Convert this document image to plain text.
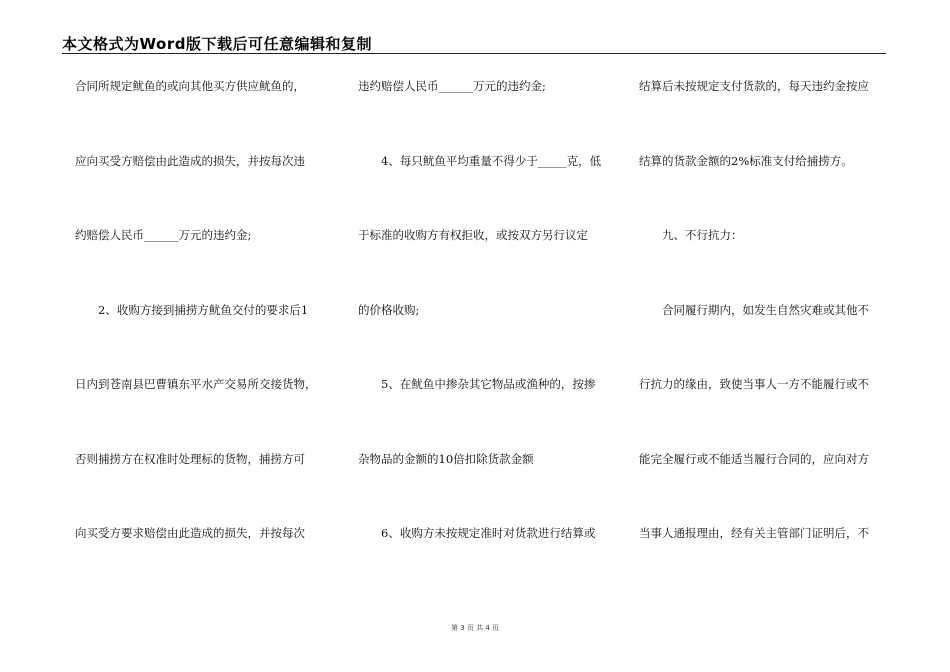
本文格式为Word版下载后可任意编辑和复制
合同所规定鱿鱼的或向其他买方供应鱿鱼的，
应向买受方赔偿由此造成的损失，并按每次违
约赔偿人民币______万元的违约金;
　　2、收购方接到捕捞方鱿鱼交付的要求后1
日内到苍南县巴曹镇东平水产交易所交接货物，
否则捕捞方在权准时处理标的货物，捕捞方可
向买受方要求赔偿由此造成的损失，并按每次
违约赔偿人民币______万元的违约金;
　　4、每只鱿鱼平均重量不得少于_____克，低
于标准的收购方有权拒收，或按双方另行议定
的价格收购;
　　5、在鱿鱼中掺杂其它物品或渔种的，按掺
杂物品的金额的10倍扣除货款金额
　　6、收购方未按规定准时对货款进行结算或
结算后未按规定支付货款的，每天违约金按应
结算的货款金额的2%标准支付给捕捞方。
　　九、不行抗力：
　　合同履行期内，如发生自然灾难或其他不
行抗力的缘由，致使当事人一方不能履行或不
能完全履行或不能适当履行合同的，应向对方
当事人通报理由，经有关主管部门证明后，不
第 3 页 共 4 页
